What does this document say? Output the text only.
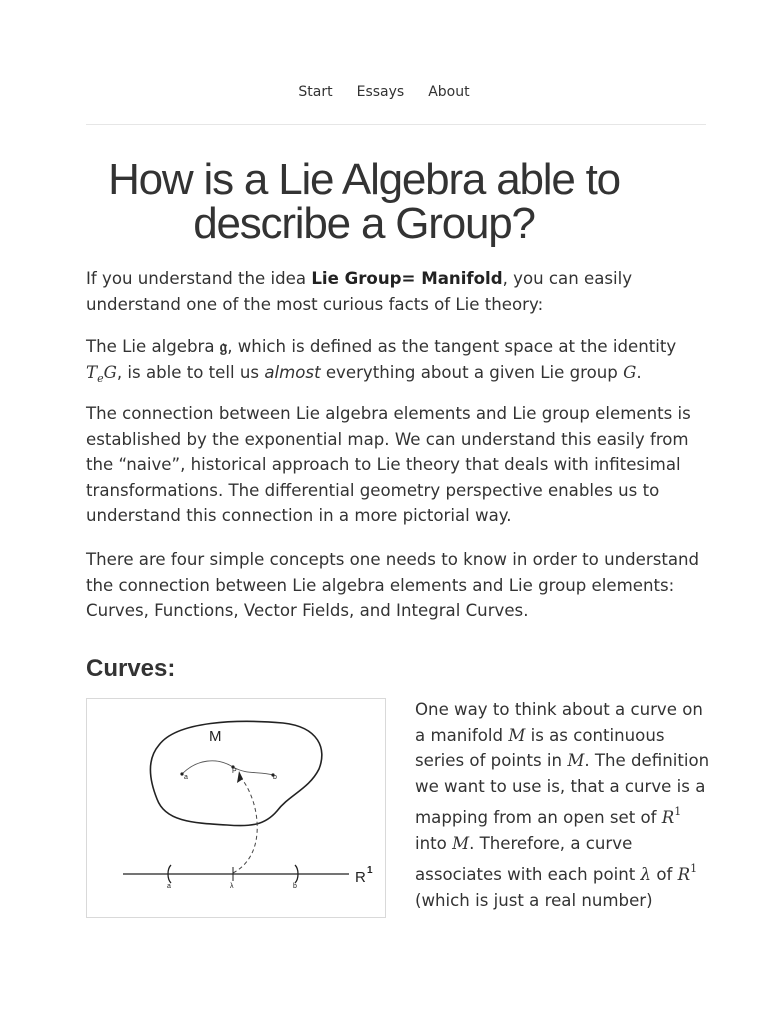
Start Essays About
How is a Lie Algebra able to describe a Group?

If you understand the idea Lie Group= Manifold, you can easily understand one of the most curious facts of Lie theory:

The Lie algebra 𝔤, which is defined as the tangent space at the identity $T_eG$, is able to tell us almost everything about a given Lie group G.

The connection between Lie algebra elements and Lie group elements is established by the exponential map. We can understand this easily from the “naive”, historical approach to Lie theory that deals with infitesimal transformations. The differential geometry perspective enables us to understand this connection in a more pictorial way.

There are four simple concepts one needs to know in order to understand the connection between Lie algebra elements and Lie group elements: Curves, Functions, Vector Fields, and Integral Curves.

Curves:
M
a
P
b
a	λ	b
R 1

One way to think about a curve on a manifold M is as continuous series of points in M. The definition we want to use is, that a curve is a mapping from an open set of $R^1$ into M. Therefore, a curve associates with each point λ of $R^1$ (which is just a real number)
